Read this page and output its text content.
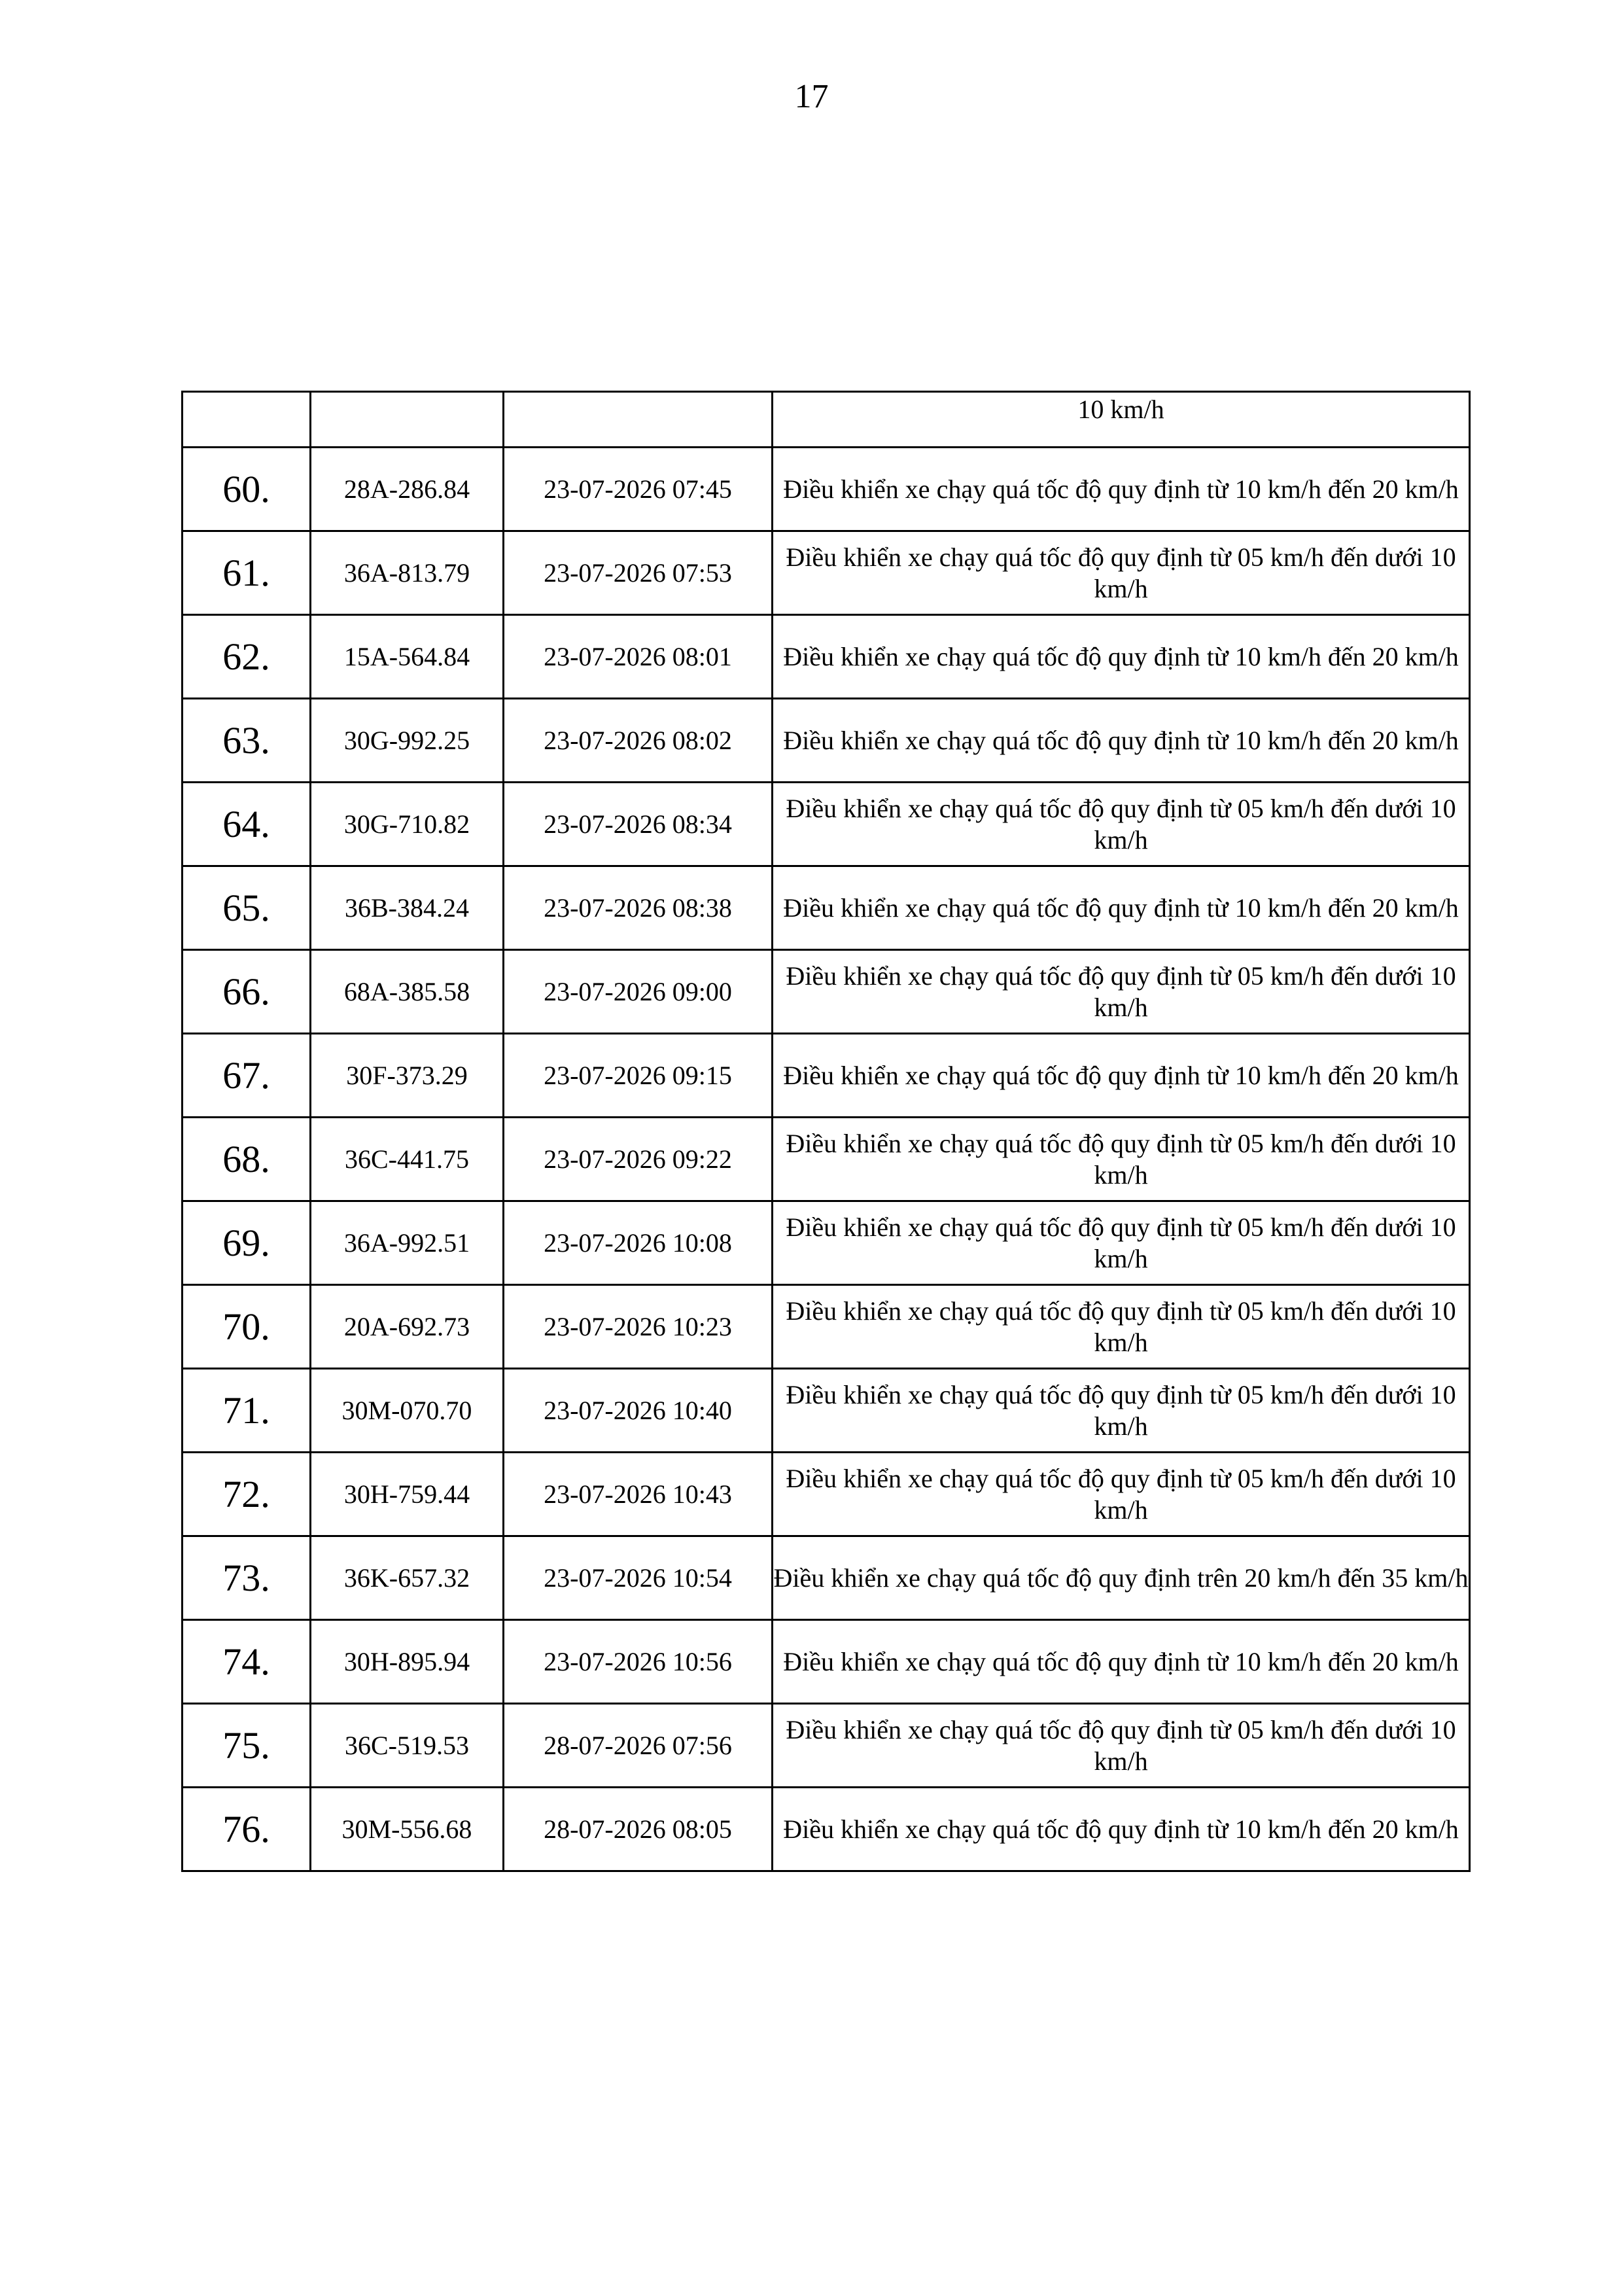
17
			10 km/h
60.	28A-286.84	23-07-2026 07:45	Điều khiển xe chạy quá tốc độ quy định từ 10 km/h đến 20 km/h
61.	36A-813.79	23-07-2026 07:53	Điều khiển xe chạy quá tốc độ quy định từ 05 km/h đến dưới 10 km/h
62.	15A-564.84	23-07-2026 08:01	Điều khiển xe chạy quá tốc độ quy định từ 10 km/h đến 20 km/h
63.	30G-992.25	23-07-2026 08:02	Điều khiển xe chạy quá tốc độ quy định từ 10 km/h đến 20 km/h
64.	30G-710.82	23-07-2026 08:34	Điều khiển xe chạy quá tốc độ quy định từ 05 km/h đến dưới 10 km/h
65.	36B-384.24	23-07-2026 08:38	Điều khiển xe chạy quá tốc độ quy định từ 10 km/h đến 20 km/h
66.	68A-385.58	23-07-2026 09:00	Điều khiển xe chạy quá tốc độ quy định từ 05 km/h đến dưới 10 km/h
67.	30F-373.29	23-07-2026 09:15	Điều khiển xe chạy quá tốc độ quy định từ 10 km/h đến 20 km/h
68.	36C-441.75	23-07-2026 09:22	Điều khiển xe chạy quá tốc độ quy định từ 05 km/h đến dưới 10 km/h
69.	36A-992.51	23-07-2026 10:08	Điều khiển xe chạy quá tốc độ quy định từ 05 km/h đến dưới 10 km/h
70.	20A-692.73	23-07-2026 10:23	Điều khiển xe chạy quá tốc độ quy định từ 05 km/h đến dưới 10 km/h
71.	30M-070.70	23-07-2026 10:40	Điều khiển xe chạy quá tốc độ quy định từ 05 km/h đến dưới 10 km/h
72.	30H-759.44	23-07-2026 10:43	Điều khiển xe chạy quá tốc độ quy định từ 05 km/h đến dưới 10 km/h
73.	36K-657.32	23-07-2026 10:54	Điều khiển xe chạy quá tốc độ quy định trên 20 km/h đến 35 km/h
74.	30H-895.94	23-07-2026 10:56	Điều khiển xe chạy quá tốc độ quy định từ 10 km/h đến 20 km/h
75.	36C-519.53	28-07-2026 07:56	Điều khiển xe chạy quá tốc độ quy định từ 05 km/h đến dưới 10 km/h
76.	30M-556.68	28-07-2026 08:05	Điều khiển xe chạy quá tốc độ quy định từ 10 km/h đến 20 km/h
